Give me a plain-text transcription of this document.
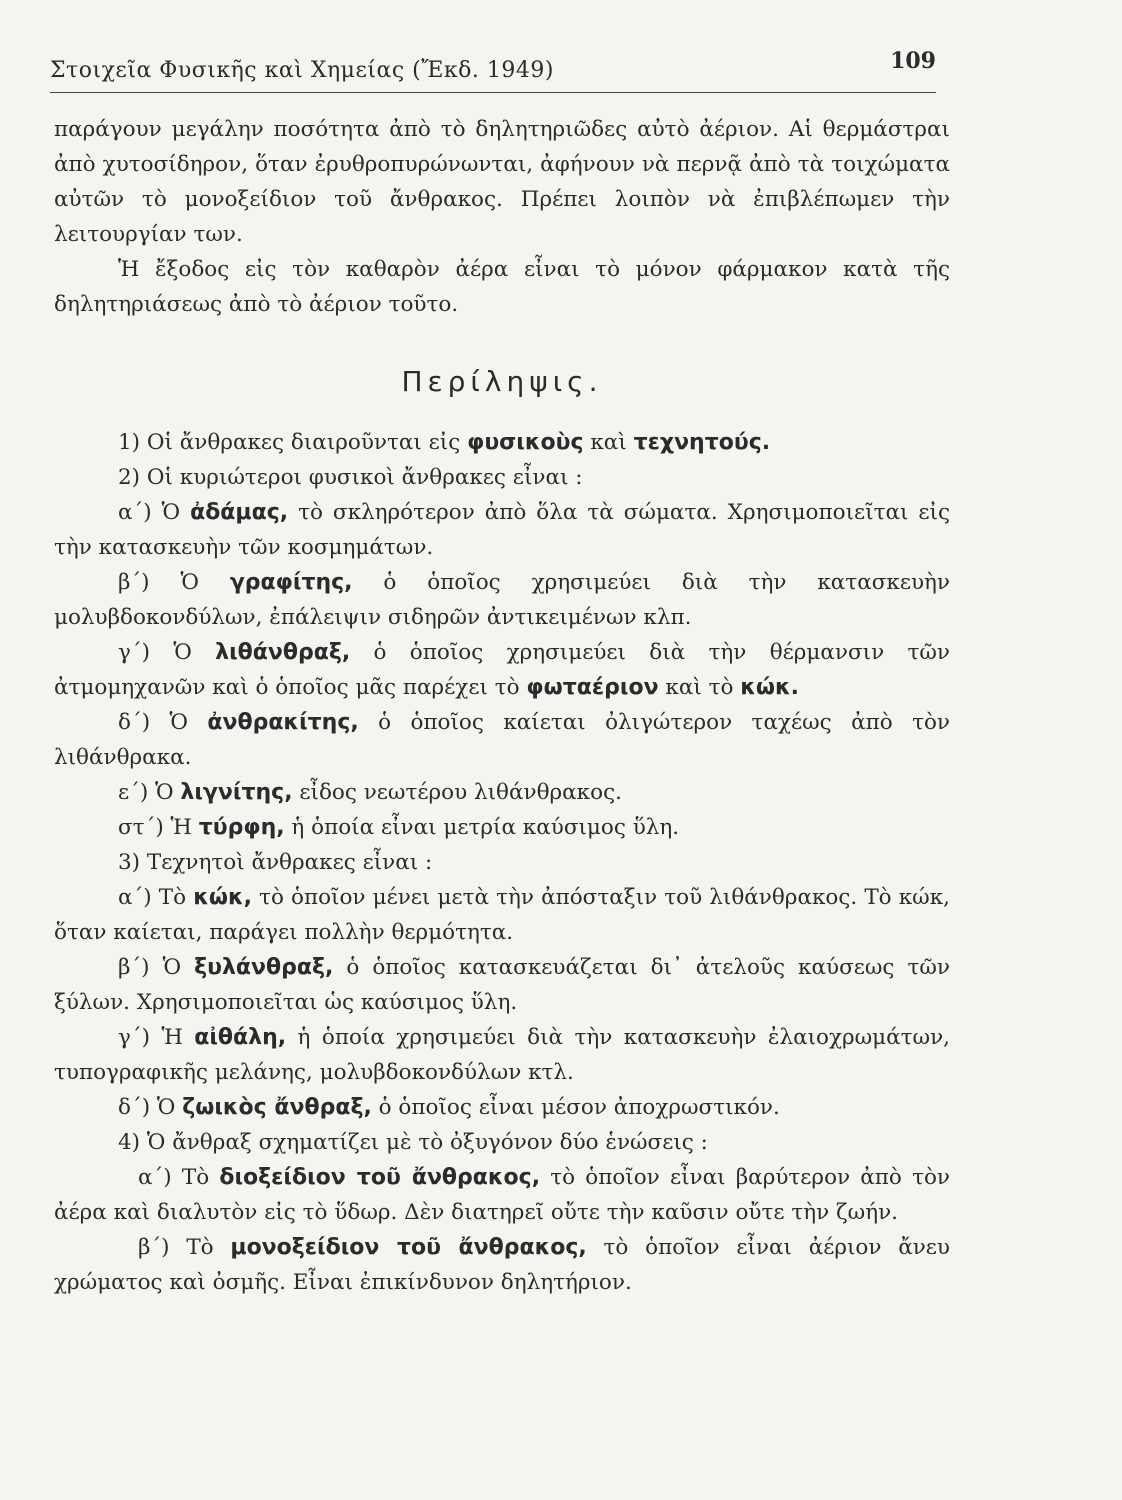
Στοιχεῖα Φυσικῆς καὶ Χημείας (Ἔκδ. 1949)	109

παράγουν μεγάλην ποσότητα ἀπὸ τὸ δηλητηριῶδες αὐτὸ ἀέριον. Αἱ θερμάστραι ἀπὸ χυτοσίδηρον, ὅταν ἐρυθροπυρώνωνται, ἀφήνουν νὰ περνᾷ ἀπὸ τὰ τοιχώματα αὐτῶν τὸ μονοξείδιον τοῦ ἄνθρακος. Πρέπει λοιπὸν νὰ ἐπιβλέπωμεν τὴν λειτουργίαν των.

Ἡ ἔξοδος εἰς τὸν καθαρὸν ἀέρα εἶναι τὸ μόνον φάρμακον κατὰ τῆς δηλητηριάσεως ἀπὸ τὸ ἀέριον τοῦτο.

Περίληψις.

1) Οἱ ἄνθρακες διαιροῦνται εἰς φυσικοὺς καὶ τεχνητούς.

2) Οἱ κυριώτεροι φυσικοὶ ἄνθρακες εἶναι :

α΄) Ὁ ἀδάμας, τὸ σκληρότερον ἀπὸ ὅλα τὰ σώματα. Χρησιμοποιεῖται εἰς τὴν κατασκευὴν τῶν κοσμημάτων.

β΄) Ὁ γραφίτης, ὁ ὁποῖος χρησιμεύει διὰ τὴν κατασκευὴν μολυβδοκονδύλων, ἐπάλειψιν σιδηρῶν ἀντικειμένων κλπ.

γ΄) Ὁ λιθάνθραξ, ὁ ὁποῖος χρησιμεύει διὰ τὴν θέρμανσιν τῶν ἀτμομηχανῶν καὶ ὁ ὁποῖος μᾶς παρέχει τὸ φωταέριον καὶ τὸ κώκ.

δ΄) Ὁ ἀνθρακίτης, ὁ ὁποῖος καίεται ὀλιγώτερον ταχέως ἀπὸ τὸν λιθάνθρακα.

ε΄) Ὁ λιγνίτης, εἶδος νεωτέρου λιθάνθρακος.

στ΄) Ἡ τύρφη, ἡ ὁποία εἶναι μετρία καύσιμος ὕλη.

3) Τεχνητοὶ ἄνθρακες εἶναι :

α΄) Τὸ κώκ, τὸ ὁποῖον μένει μετὰ τὴν ἀπόσταξιν τοῦ λιθάνθρακος. Τὸ κώκ, ὅταν καίεται, παράγει πολλὴν θερμότητα.

β΄) Ὁ ξυλάνθραξ, ὁ ὁποῖος κατασκευάζεται δι᾽ ἀτελοῦς καύσεως τῶν ξύλων. Χρησιμοποιεῖται ὡς καύσιμος ὕλη.

γ΄) Ἡ αἰθάλη, ἡ ὁποία χρησιμεύει διὰ τὴν κατασκευὴν ἐλαιοχρωμάτων, τυπογραφικῆς μελάνης, μολυβδοκονδύλων κτλ.

δ΄) Ὁ ζωικὸς ἄνθραξ, ὁ ὁποῖος εἶναι μέσον ἀποχρωστικόν.

4) Ὁ ἄνθραξ σχηματίζει μὲ τὸ ὀξυγόνον δύο ἑνώσεις :

α΄) Τὸ διοξείδιον τοῦ ἄνθρακος, τὸ ὁποῖον εἶναι βαρύτερον ἀπὸ τὸν ἀέρα καὶ διαλυτὸν εἰς τὸ ὕδωρ. Δὲν διατηρεῖ οὔτε τὴν καῦσιν οὔτε τὴν ζωήν.

β΄) Τὸ μονοξείδιον τοῦ ἄνθρακος, τὸ ὁποῖον εἶναι ἀέριον ἄνευ χρώματος καὶ ὀσμῆς. Εἶναι ἐπικίνδυνον δηλητήριον.
